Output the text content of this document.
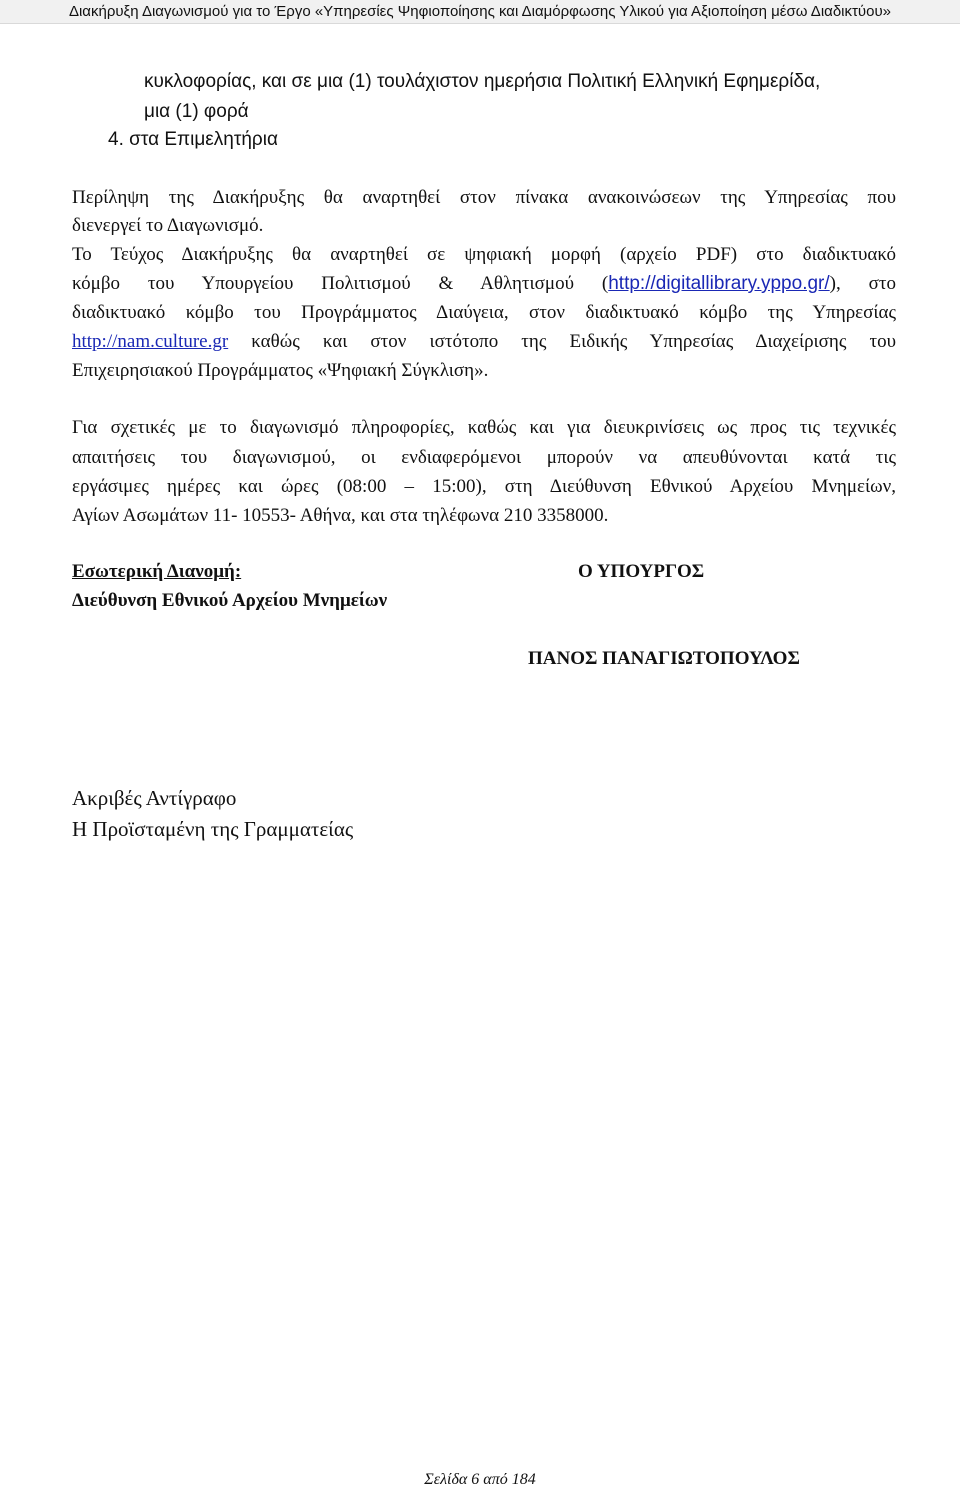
Διακήρυξη Διαγωνισμού για το Έργο «Υπηρεσίες Ψηφιοποίησης και Διαμόρφωσης Υλικού για Αξιοποίηση μέσω Διαδικτύου»
κυκλοφορίας, και σε μια (1) τουλάχιστον ημερήσια Πολιτική Ελληνική Εφημερίδα,
μια (1) φορά
4. στα Επιμελητήρια
Περίληψη της Διακήρυξης θα αναρτηθεί στον πίνακα ανακοινώσεων της Υπηρεσίας που
διενεργεί το Διαγωνισμό.
Το Τεύχος Διακήρυξης θα αναρτηθεί σε ψηφιακή μορφή (αρχείο PDF) στο διαδικτυακό
κόμβο του Υπουργείου Πολιτισμού & Αθλητισμού (http://digitallibrary.yppo.gr/), στο
διαδικτυακό κόμβο του Προγράμματος Διαύγεια, στον διαδικτυακό κόμβο της Υπηρεσίας
http://nam.culture.gr καθώς και στον ιστότοπο της Ειδικής Υπηρεσίας Διαχείρισης του
Επιχειρησιακού Προγράμματος «Ψηφιακή Σύγκλιση».
Για σχετικές με το διαγωνισμό πληροφορίες, καθώς και για διευκρινίσεις ως προς τις τεχνικές
απαιτήσεις του διαγωνισμού, οι ενδιαφερόμενοι μπορούν να απευθύνονται κατά τις
εργάσιμες ημέρες και ώρες (08:00 – 15:00), στη Διεύθυνση Εθνικού Αρχείου Μνημείων,
Αγίων Ασωμάτων 11- 10553- Αθήνα, και στα τηλέφωνα 210 3358000.
Εσωτερική Διανομή:
Διεύθυνση Εθνικού Αρχείου Μνημείων
Ο ΥΠΟΥΡΓΟΣ
ΠΑΝΟΣ ΠΑΝΑΓΙΩΤΟΠΟΥΛΟΣ
Ακριβές Αντίγραφο
Η Προϊσταμένη της Γραμματείας
Σελίδα 6 από 184
